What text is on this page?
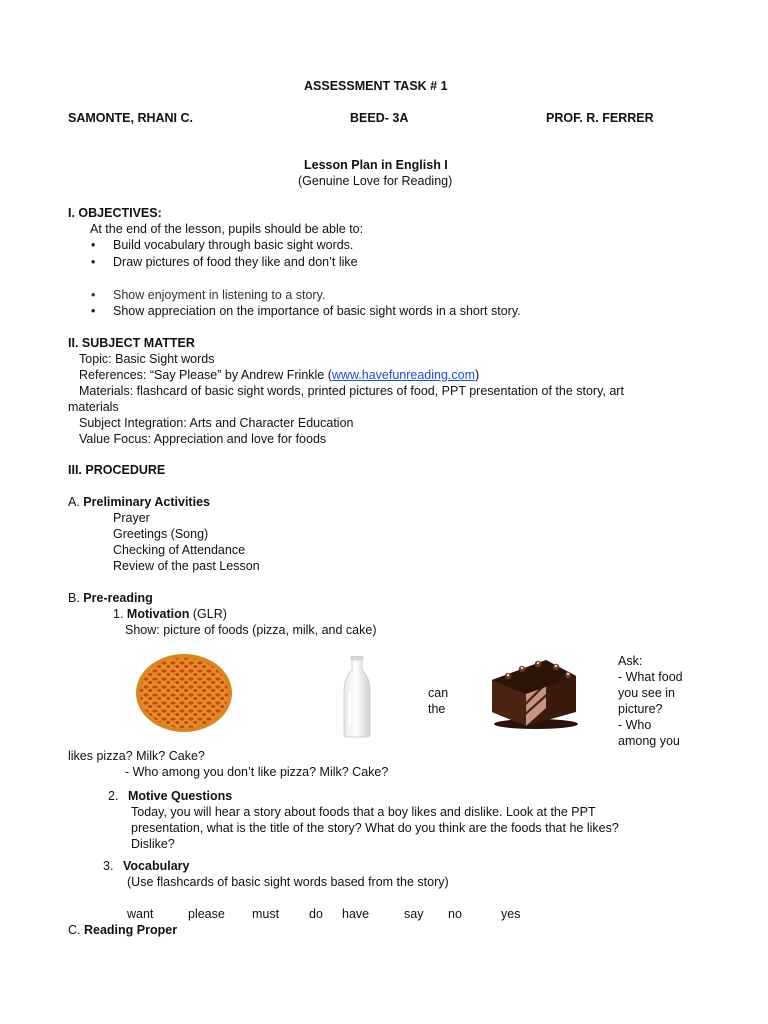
ASSESSMENT TASK # 1
SAMONTE, RHANI C.	BEED- 3A	PROF. R. FERRER
Lesson Plan in English I
(Genuine Love for Reading)
I. OBJECTIVES:
At the end of the lesson, pupils should be able to:
• Build vocabulary through basic sight words.
• Draw pictures of food they like and don’t like
• Show enjoyment in listening to a story.
• Show appreciation on the importance of basic sight words in a short story.
II. SUBJECT MATTER
Topic: Basic Sight words
References: “Say Please” by Andrew Frinkle (www.havefunreading.com)
Materials: flashcard of basic sight words, printed pictures of food, PPT presentation of the story, art
materials
Subject Integration: Arts and Character Education
Value Focus: Appreciation and love for foods
III. PROCEDURE
A. Preliminary Activities
Prayer
Greetings (Song)
Checking of Attendance
Review of the past Lesson
B. Pre-reading
1. Motivation (GLR)
Show: picture of foods (pizza, milk, and cake)
can
the
Ask:
- What food
you see in
picture?
- Who
among you
likes pizza? Milk? Cake?
- Who among you don’t like pizza? Milk? Cake?
2. Motive Questions
Today, you will hear a story about foods that a boy likes and dislike. Look at the PPT
presentation, what is the title of the story? What do you think are the foods that he likes?
Dislike?
3. Vocabulary
(Use flashcards of basic sight words based from the story)
want	please must do have	say no	yes
C. Reading Proper
